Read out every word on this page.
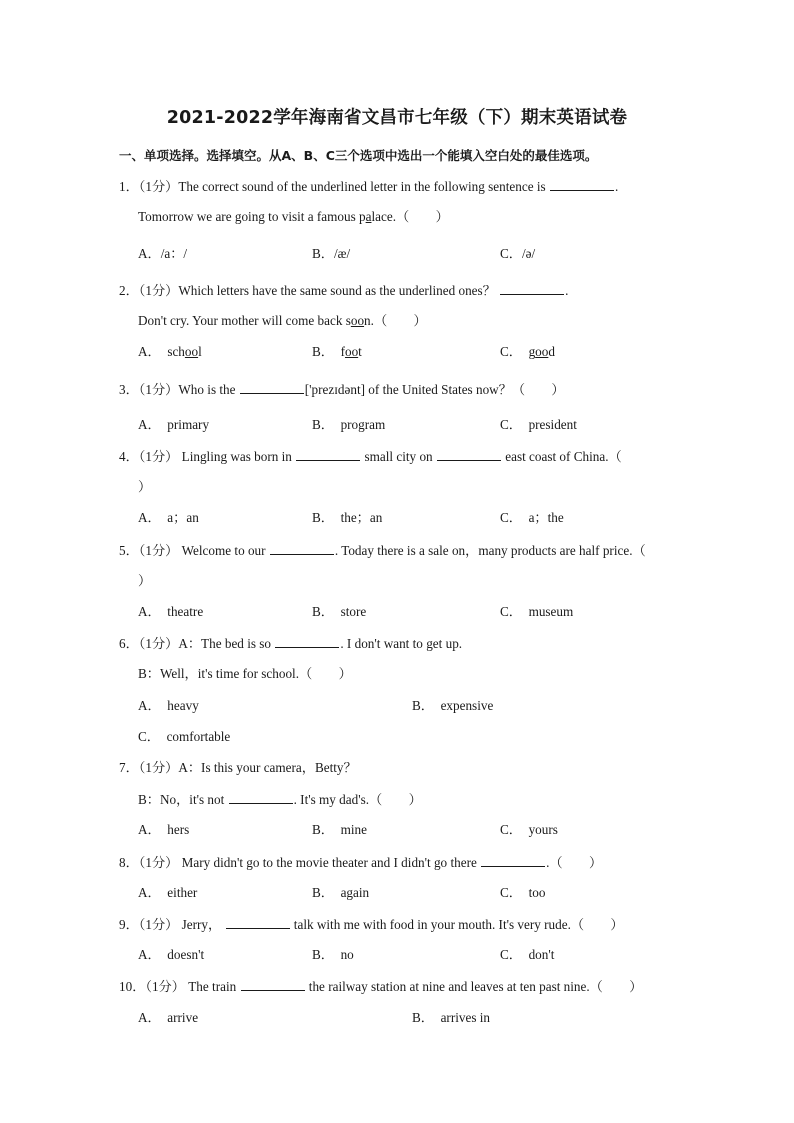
2021-2022学年海南省文昌市七年级（下）期末英语试卷
一、单项选择。选择填空。从A、B、C三个选项中选出一个能填入空白处的最佳选项。
1．（1分）The correct sound of the underlined letter in the following sentence is	.
Tomorrow we are going to visit a famous palace.（　　）
A．/a：/	B．/æ/	C．/ə/
2．（1分）Which letters have the same sound as the underlined ones？	.
Don't cry. Your mother will come back soon.（　　）
A．　 school	B．　 foot	C．　 good
3．（1分）Who is the	['prezɪdənt] of the United States now？（　　）
A．　primary	B．　program	C．　president
4．（1分） Lingling was born in	small city on	east coast of China.（
）
A．　a；an	B．　the；an	C．　a；the
5．（1分） Welcome to our	. Today there is a sale on，many products are half price.（
）
A．　theatre	B．　store	C．　museum
6．（1分）A：The bed is so	. I don't want to get up.
B：Well，it's time for school.（　　）
A．　heavy	B．　expensive
C．　comfortable
7．（1分）A：Is this your camera，Betty？
B：No，it's not	. It's my dad's.（　　）
A．　hers	B．　mine	C．　yours
8．（1分） Mary didn't go to the movie theater and I didn't go there	.（　　）
A．　either	B．　again	C．　too
9．（1分） Jerry，	talk with me with food in your mouth. It's very rude.（　　）
A．　doesn't	B．　no	C．　don't
10．（1分） The train	the railway station at nine and leaves at ten past nine.（　　）
A．　arrive	B．　arrives in
